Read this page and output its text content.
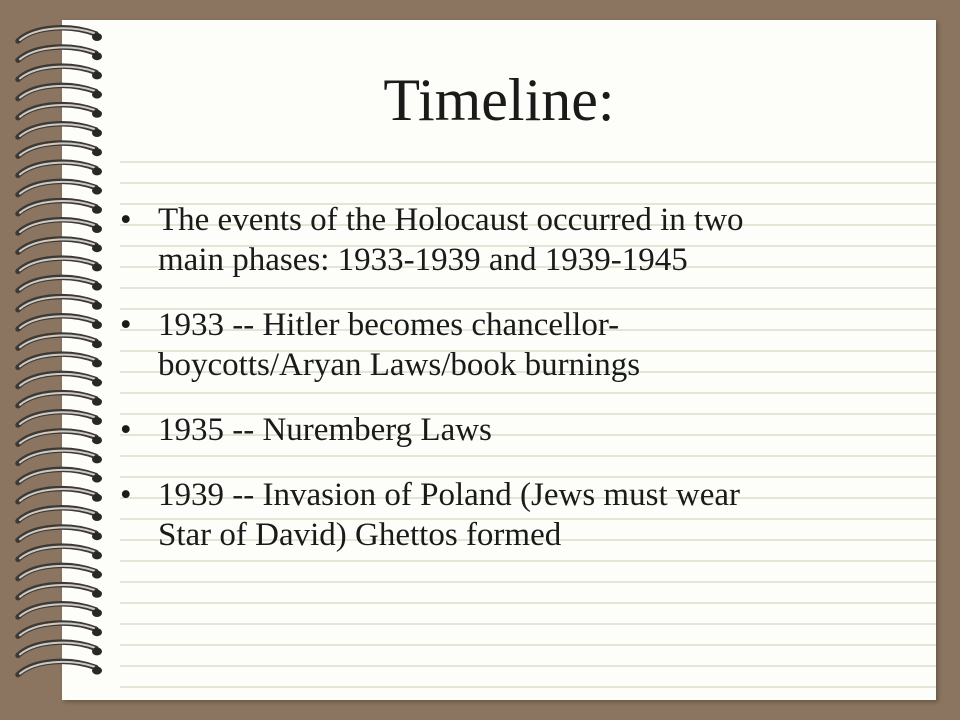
Timeline:
• The events of the Holocaust occurred in two
main phases: 1933-1939 and 1939-1945
• 1933 -- Hitler becomes chancellor-
boycotts/Aryan Laws/book burnings
• 1935 -- Nuremberg Laws
• 1939 -- Invasion of Poland (Jews must wear
Star of David) Ghettos formed
